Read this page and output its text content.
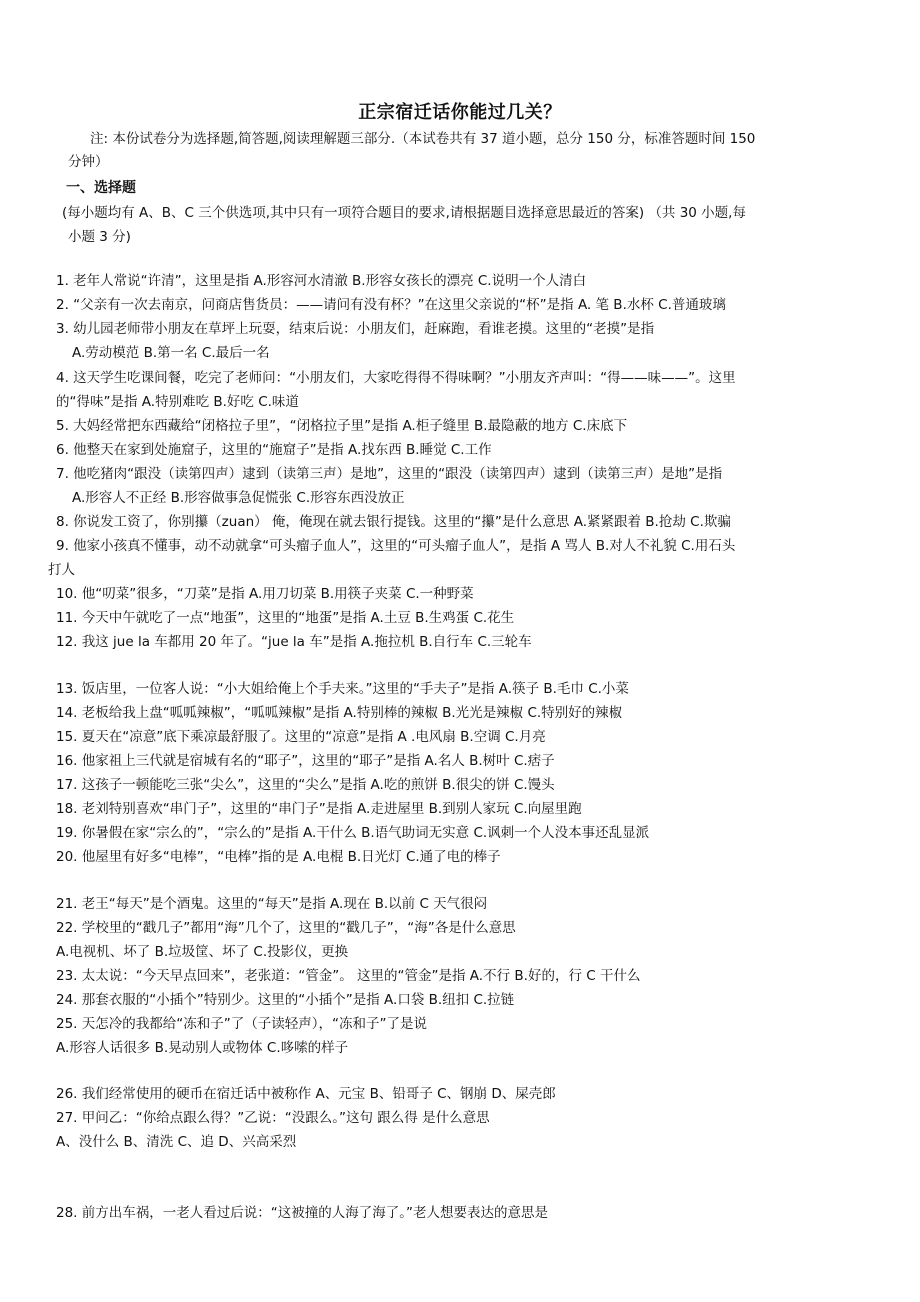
正宗宿迁话你能过几关？
注: 本份试卷分为选择题,简答题,阅读理解题三部分.（本试卷共有 37 道小题，总分 150 分，标准答题时间 150
分钟）
一、选择题
(每小题均有 A、B、C 三个供选项,其中只有一项符合题目的要求,请根据题目选择意思最近的答案) （共 30 小题,每
小题 3 分)
1. 老年人常说“许清”，这里是指 A.形容河水清澈 B.形容女孩长的漂亮 C.说明一个人清白
2. “父亲有一次去南京，问商店售货员：——请问有没有杯？”在这里父亲说的“杯”是指 A. 笔 B.水杯 C.普通玻璃
3. 幼儿园老师带小朋友在草坪上玩耍，结束后说：小朋友们，赶麻跑，看谁老摸。这里的“老摸”是指
A.劳动模范 B.第一名 C.最后一名
4. 这天学生吃课间餐，吃完了老师问：“小朋友们，大家吃得得不得味啊？”小朋友齐声叫：“得——味——”。这里
的“得味”是指 A.特别难吃 B.好吃 C.味道
5. 大妈经常把东西藏给“闭格拉子里”，“闭格拉子里”是指 A.柜子缝里 B.最隐蔽的地方 C.床底下
6. 他整天在家到处施窟子，这里的“施窟子”是指 A.找东西 B.睡觉 C.工作
7. 他吃猪肉“跟没（读第四声）逮到（读第三声）是地”，这里的“跟没（读第四声）逮到（读第三声）是地”是指
A.形容人不正经 B.形容做事急促慌张 C.形容东西没放正
8. 你说发工资了，你别攥（zuan） 俺，俺现在就去银行提钱。这里的“攥”是什么意思 A.紧紧跟着 B.抢劫 C.欺骗
9. 他家小孩真不懂事，动不动就拿“可头瘤子血人”，这里的“可头瘤子血人”，是指 A 骂人 B.对人不礼貌 C.用石头
打人
10. 他“叨菜”很多，“刀菜”是指 A.用刀切菜 B.用筷子夹菜 C.一种野菜
11. 今天中午就吃了一点“地蛋”，这里的“地蛋”是指 A.土豆 B.生鸡蛋 C.花生
12. 我这 jue la 车都用 20 年了。“jue la 车”是指 A.拖拉机 B.自行车 C.三轮车
13. 饭店里，一位客人说：“小大姐给俺上个手夫来。”这里的“手夫子”是指 A.筷子 B.毛巾 C.小菜
14. 老板给我上盘“呱呱辣椒”，“呱呱辣椒”是指 A.特别棒的辣椒 B.光光是辣椒 C.特别好的辣椒
15. 夏天在“凉意”底下乘凉最舒服了。这里的“凉意”是指 A .电风扇 B.空调 C.月亮
16. 他家祖上三代就是宿城有名的“耶子”，这里的“耶子”是指 A.名人 B.树叶 C.痞子
17. 这孩子一顿能吃三张“尖么”，这里的“尖么”是指 A.吃的煎饼 B.很尖的饼 C.馒头
18. 老刘特别喜欢“串门子”，这里的“串门子”是指 A.走进屋里 B.到别人家玩 C.向屋里跑
19. 你暑假在家“宗么的”，“宗么的”是指 A.干什么 B.语气助词无实意 C.讽刺一个人没本事还乱显派
20. 他屋里有好多“电棒”，“电棒”指的是 A.电棍 B.日光灯 C.通了电的棒子
21. 老王“每天”是个酒鬼。这里的“每天”是指 A.现在 B.以前 C 天气很闷
22. 学校里的“戳几子”都用“海”几个了，这里的“戳几子”，“海”各是什么意思
A.电视机、坏了 B.垃圾筐、坏了 C.投影仪，更换
23. 太太说：“今天早点回来”，老张道：“管金”。 这里的“管金”是指 A.不行 B.好的，行 C 干什么
24. 那套衣服的“小插个”特别少。这里的“小插个”是指 A.口袋 B.纽扣 C.拉链
25. 天怎冷的我都给“冻和子”了（子读轻声），“冻和子”了是说
A.形容人话很多 B.晃动别人或物体 C.哆嗦的样子
26. 我们经常使用的硬币在宿迁话中被称作 A、元宝 B、铅哥子 C、钢崩 D、屎壳郎
27. 甲问乙：“你给点跟么得？”乙说：“没跟么。”这句 跟么得 是什么意思
A、没什么 B、清洗 C、追 D、兴高采烈
28. 前方出车祸，一老人看过后说：“这被撞的人海了海了。”老人想要表达的意思是
